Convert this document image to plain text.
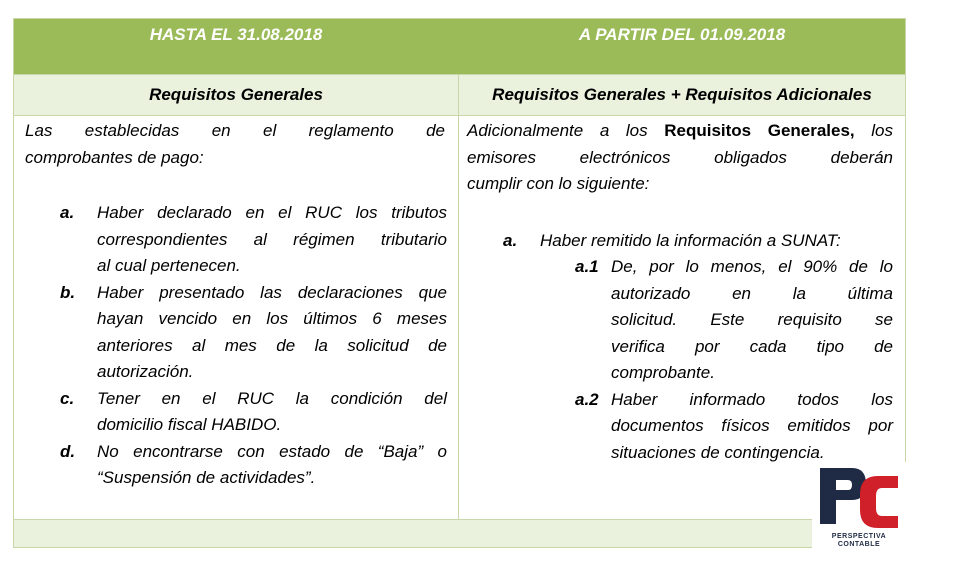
HASTA EL 31.08.2018	A PARTIR DEL 01.09.2018
Requisitos Generales	Requisitos Generales + Requisitos Adicionales
Las establecidas en el reglamento de
comprobantes de pago:
a. Haber declarado en el RUC los tributos
correspondientes al régimen tributario
al cual pertenecen.
b. Haber presentado las declaraciones que
hayan vencido en los últimos 6 meses
anteriores al mes de la solicitud de
autorización.
c. Tener en el RUC la condición del
domicilio fiscal HABIDO.
d. No encontrarse con estado de “Baja” o
“Suspensión de actividades”.
Adicionalmente a los Requisitos Generales, los
emisores electrónicos obligados deberán
cumplir con lo siguiente:
a. Haber remitido la información a SUNAT:
a.1 De, por lo menos, el 90% de lo
autorizado en la última
solicitud. Este requisito se
verifica por cada tipo de
comprobante.
a.2 Haber informado todos los
documentos físicos emitidos por
situaciones de contingencia.
PERSPECTIVA
CONTABLE
